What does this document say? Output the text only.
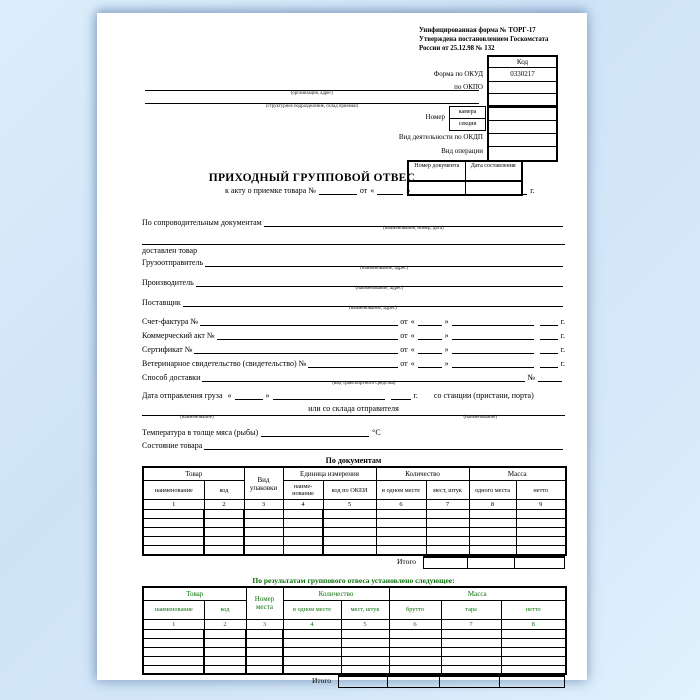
Унифицированная форма № ТОРГ-17
Утверждена постановлением Госкомстата
России от 25.12.98 № 132
Код
0330217
Форма по ОКУД
по ОКПО
Номер
камера
секция
Вид деятельности по ОКДП
Вид операции
(организация, адрес)
(структурное подразделение, склад приемки)
Номер документа	Дата составления
ПРИХОДНЫЙ ГРУППОВОЙ ОТВЕС
к акту о приемке товара №	от «	»	г.
По сопроводительным документам
(наименование, номер, дата)
доставлен товар
Грузоотправитель
(наименование, адрес)
Производитель
(наименование, адрес)
Поставщик
(наименование, адрес)
Счет-фактура №	от «	»	г.
Коммерческий акт №	от «	»	г.
Сертификат №	от «	»	г.
Ветеринарное свидетельство (свидетельство) №	от «	»	г.
Способ доставки
(вид транспортного средства)
№
Дата отправления груза «	»	г. со станции (пристани, порта)
или со склада отправителя
(наименование)	(наименование)
Температура в толще мяса (рыбы)	°С
Состояние товара
По документам
Товар		Вид упаковки	Единица измерения		Количество		Масса	
наименование	код		наиме-нование	код по ОКЕИ	в одном месте	мест, штук	одного места	нетто
1	2	3	4	5	6	7	8	9

Итого
По результатам группового отвеса установлено следующее:
Товар		Номер места	Количество		Масса		
наименование	код		в одном месте	мест, штук	брутто	тара	нетто
1	2	3	4	5	6	7	8

Итого
